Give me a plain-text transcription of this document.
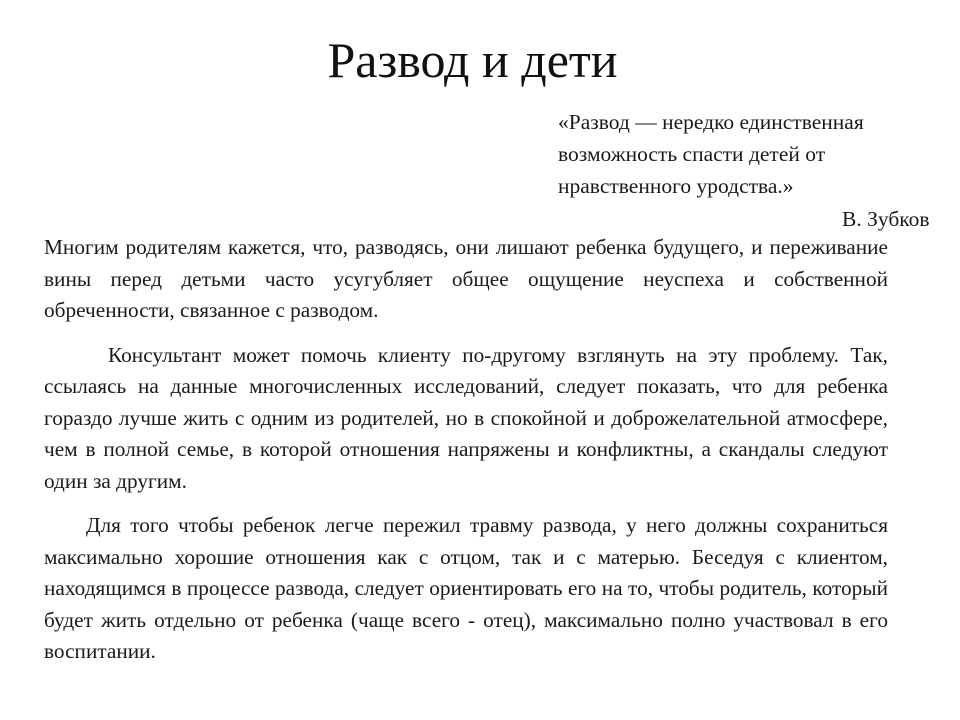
Развод и дети
«Развод — нередко единственная
возможность спасти детей от
нравственного уродства.»
В. Зубков

Многим родителям кажется, что, разводясь, они лишают ребенка будущего, и переживание вины перед детьми часто усугубляет общее ощущение неуспеха и собственной обреченности, связанное с разводом.

Консультант может помочь клиенту по-другому взглянуть на эту проблему. Так, ссылаясь на данные многочисленных исследований, следует показать, что для ребенка гораздо лучше жить с одним из родителей, но в спокойной и доброжелательной атмосфере, чем в полной семье, в которой отношения напряжены и конфликтны, а скандалы следуют один за другим.

Для того чтобы ребенок легче пережил травму развода, у него должны сохраниться максимально хорошие отношения как с отцом, так и с матерью. Беседуя с клиентом, находящимся в процессе развода, следует ориентировать его на то, чтобы родитель, который будет жить отдельно от ребенка (чаще всего - отец), максимально полно участвовал в его воспитании.
